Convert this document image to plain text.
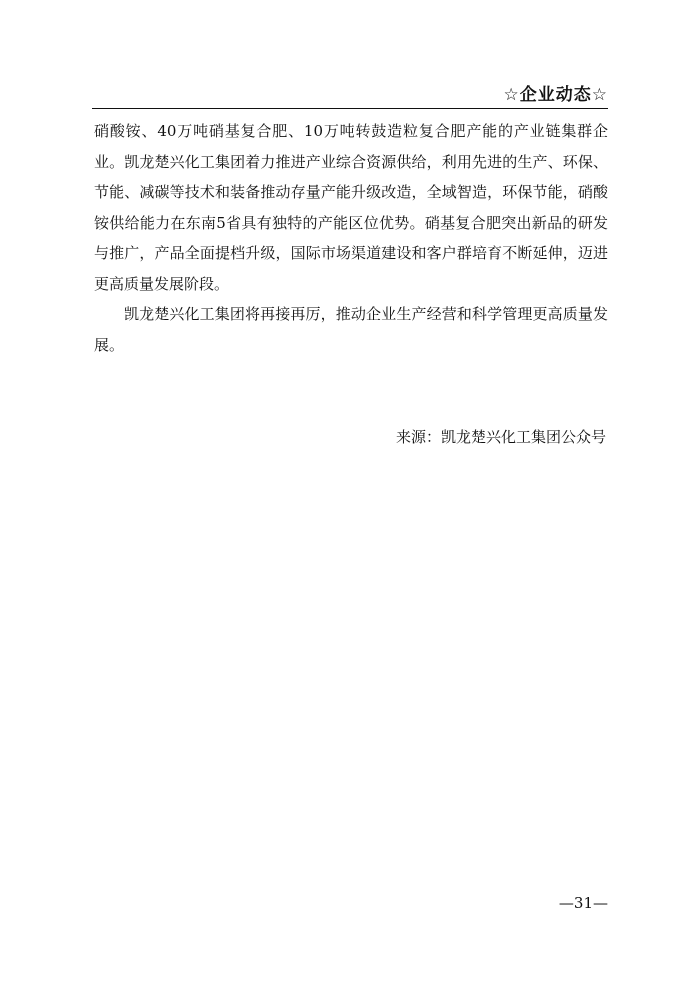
☆企业动态☆

硝酸铵、40万吨硝基复合肥、10万吨转鼓造粒复合肥产能的产业链集群企业。凯龙楚兴化工集团着力推进产业综合资源供给，利用先进的生产、环保、节能、减碳等技术和装备推动存量产能升级改造，全域智造，环保节能，硝酸铵供给能力在东南5省具有独特的产能区位优势。硝基复合肥突出新品的研发与推广，产品全面提档升级，国际市场渠道建设和客户群培育不断延伸，迈进更高质量发展阶段。

凯龙楚兴化工集团将再接再厉，推动企业生产经营和科学管理更高质量发展。

来源：凯龙楚兴化工集团公众号
—31—
